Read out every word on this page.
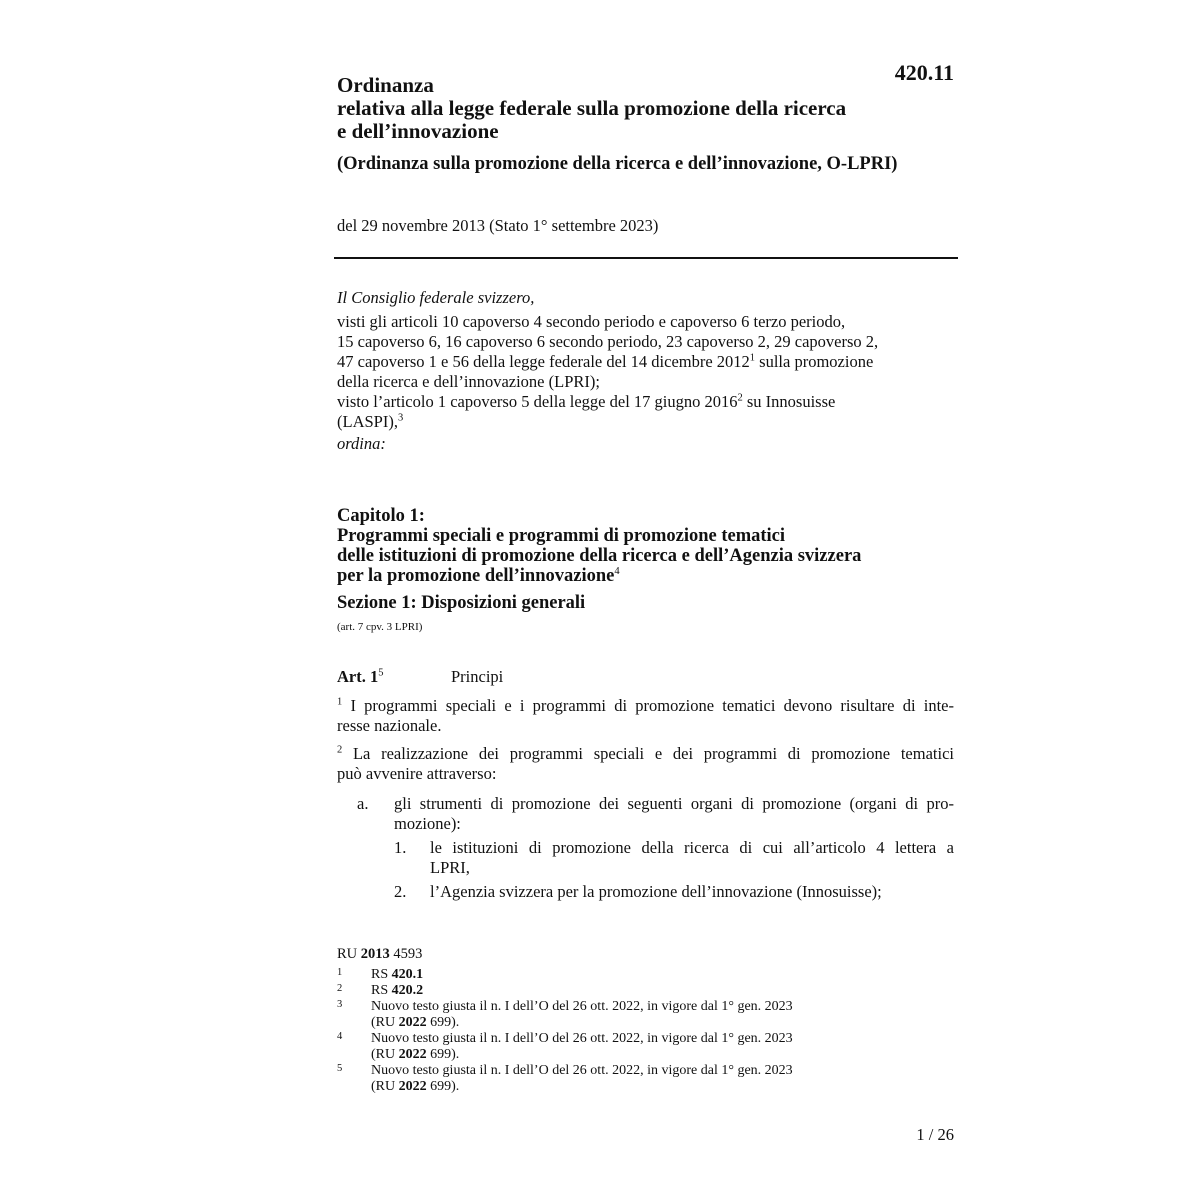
420.11
Ordinanza
relativa alla legge federale sulla promozione della ricerca
e dell’innovazione
(Ordinanza sulla promozione della ricerca e dell’innovazione, O-LPRI)
del 29 novembre 2013 (Stato 1° settembre 2023)
Il Consiglio federale svizzero,
visti gli articoli 10 capoverso 4 secondo periodo e capoverso 6 terzo periodo,
15 capoverso 6, 16 capoverso 6 secondo periodo, 23 capoverso 2, 29 capoverso 2,
47 capoverso 1 e 56 della legge federale del 14 dicembre 2012$^1$ sulla promozione
della ricerca e dell’innovazione (LPRI);
visto l’articolo 1 capoverso 5 della legge del 17 giugno 2016$^2$ su Innosuisse
(LASPI),$^3$
ordina:
Capitolo 1:
Programmi speciali e programmi di promozione tematici
delle istituzioni di promozione della ricerca e dell’Agenzia svizzera
per la promozione dell’innovazione$^4$
Sezione 1: Disposizioni generali
(art. 7 cpv. 3 LPRI)
Art. $1^5$	Principi
$^1$ I programmi speciali e i programmi di promozione tematici devono risultare di inte-
resse nazionale.
$^2$ La realizzazione dei programmi speciali e dei programmi di promozione tematici
può avvenire attraverso:
a. gli strumenti di promozione dei seguenti organi di promozione (organi di pro-
mozione):
1. le istituzioni di promozione della ricerca di cui all’articolo 4 lettera a
LPRI,
2. l’Agenzia svizzera per la promozione dell’innovazione (Innosuisse);
RU 2013 4593
1 RS 420.1
2 RS 420.2
3 Nuovo testo giusta il n. I dell’O del 26 ott. 2022, in vigore dal 1° gen. 2023
(RU 2022 699).
4 Nuovo testo giusta il n. I dell’O del 26 ott. 2022, in vigore dal 1° gen. 2023
(RU 2022 699).
5 Nuovo testo giusta il n. I dell’O del 26 ott. 2022, in vigore dal 1° gen. 2023
(RU 2022 699).
1 / 26
